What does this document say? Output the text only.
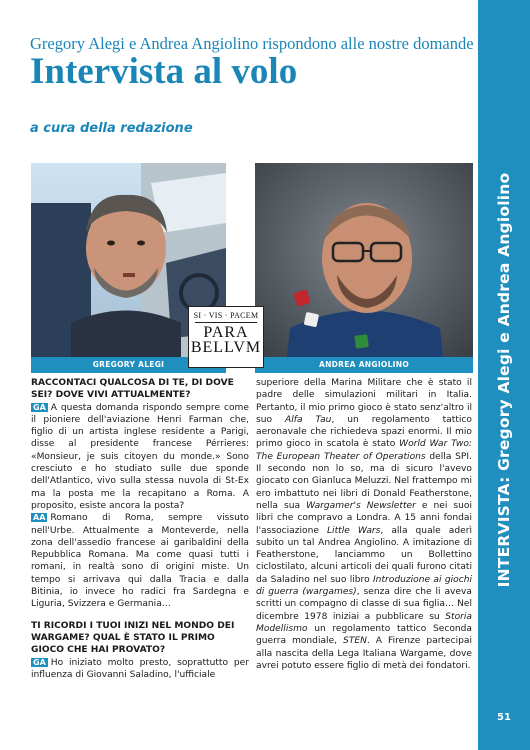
INTERVISTA: Gregory Alegi e Andrea Angiolino
51
Gregory Alegi e Andrea Angiolino rispondono alle nostre domande
Intervista al volo
a cura della redazione
GREGORY ALEGI	ANDREA ANGIOLINO
SI · VIS · PACEM
PARA
BELLVM

RACCONTACI QUALCOSA DI TE, DI DOVE SEI? DOVE VIVI ATTUALMENTE?

GA A questa domanda rispondo sempre come il pioniere dell'aviazione Henri Farman che, figlio di un artista inglese residente a Parigi, disse al presidente francese Pérrieres: «Monsieur, je suis citoyen du monde.» Sono cresciuto e ho studiato sulle due sponde dell'Atlantico, vivo sulla stessa nuvola di St-Ex ma la posta me la recapitano a Roma. A proposito, esiste ancora la posta?

AA Romano di Roma, sempre vissuto nell'Urbe. Attualmente a Monteverde, nella zona dell'assedio francese ai garibaldini della Repubblica Romana. Ma come quasi tutti i romani, in realtà sono di origini miste. Un tempo si arrivava qui dalla Tracia e dalla Bitinia, io invece ho radici fra Sardegna e Liguria, Svizzera e Germania…

TI RICORDI I TUOI INIZI NEL MONDO DEI WARGAME? QUAL È STATO IL PRIMO GIOCO CHE HAI PROVATO?

GA Ho iniziato molto presto, soprattutto per influenza di Giovanni Saladino, l'ufficiale

superiore della Marina Militare che è stato il padre delle simulazioni militari in Italia. Pertanto, il mio primo gioco è stato senz'altro il suo Alfa Tau, un regolamento tattico aeronavale che richiedeva spazi enormi. Il mio primo gioco in scatola è stato World War Two: The European Theater of Operations della SPI. Il secondo non lo so, ma di sicuro l'avevo giocato con Gianluca Meluzzi. Nel frattempo mi ero imbattuto nei libri di Donald Featherstone, nella sua Wargamer's Newsletter e nei suoi libri che compravo a Londra. A 15 anni fondai l'associazione Little Wars, alla quale aderì subito un tal Andrea Angiolino. A imitazione di Featherstone, lanciammo un Bollettino ciclostilato, alcuni articoli dei quali furono citati da Saladino nel suo libro Introduzione ai giochi di guerra (wargames), senza dire che li aveva scritti un compagno di classe di sua figlia… Nel dicembre 1978 iniziai a pubblicare su Storia Modellismo un regolamento tattico Seconda guerra mondiale, STEN. A Firenze partecipai alla nascita della Lega Italiana Wargame, dove avrei potuto essere figlio di metà dei fondatori.
